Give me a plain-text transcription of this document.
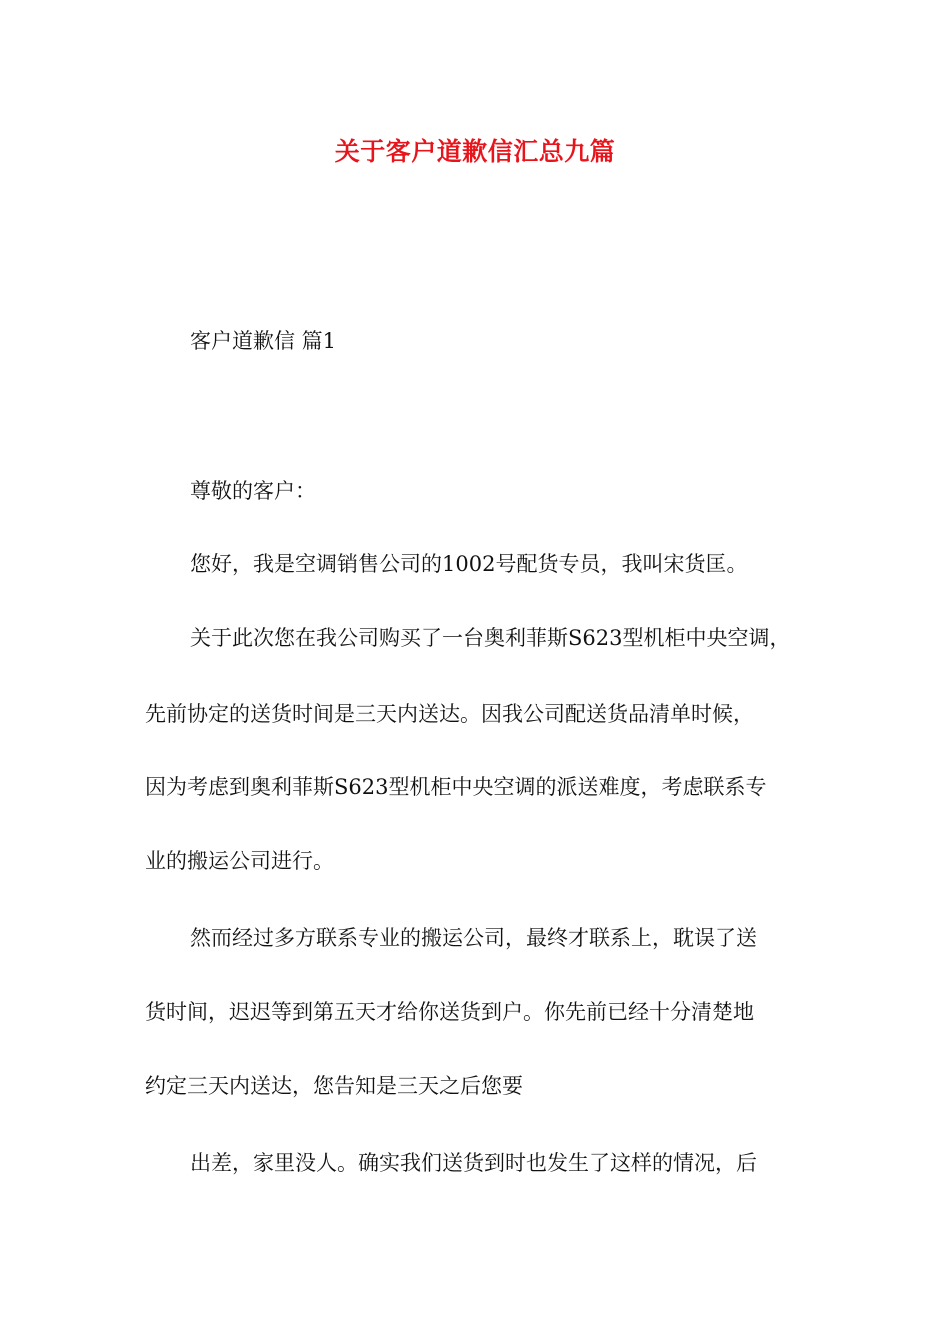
关于客户道歉信汇总九篇
客户道歉信 篇1
尊敬的客户：
您好，我是空调销售公司的1002号配货专员，我叫宋货匡。
关于此次您在我公司购买了一台奥利菲斯S623型机柜中央空调，
先前协定的送货时间是三天内送达。因我公司配送货品清单时候，
因为考虑到奥利菲斯S623型机柜中央空调的派送难度，考虑联系专
业的搬运公司进行。
然而经过多方联系专业的搬运公司，最终才联系上，耽误了送
货时间，迟迟等到第五天才给你送货到户。你先前已经十分清楚地
约定三天内送达，您告知是三天之后您要
出差，家里没人。确实我们送货到时也发生了这样的情况，后
